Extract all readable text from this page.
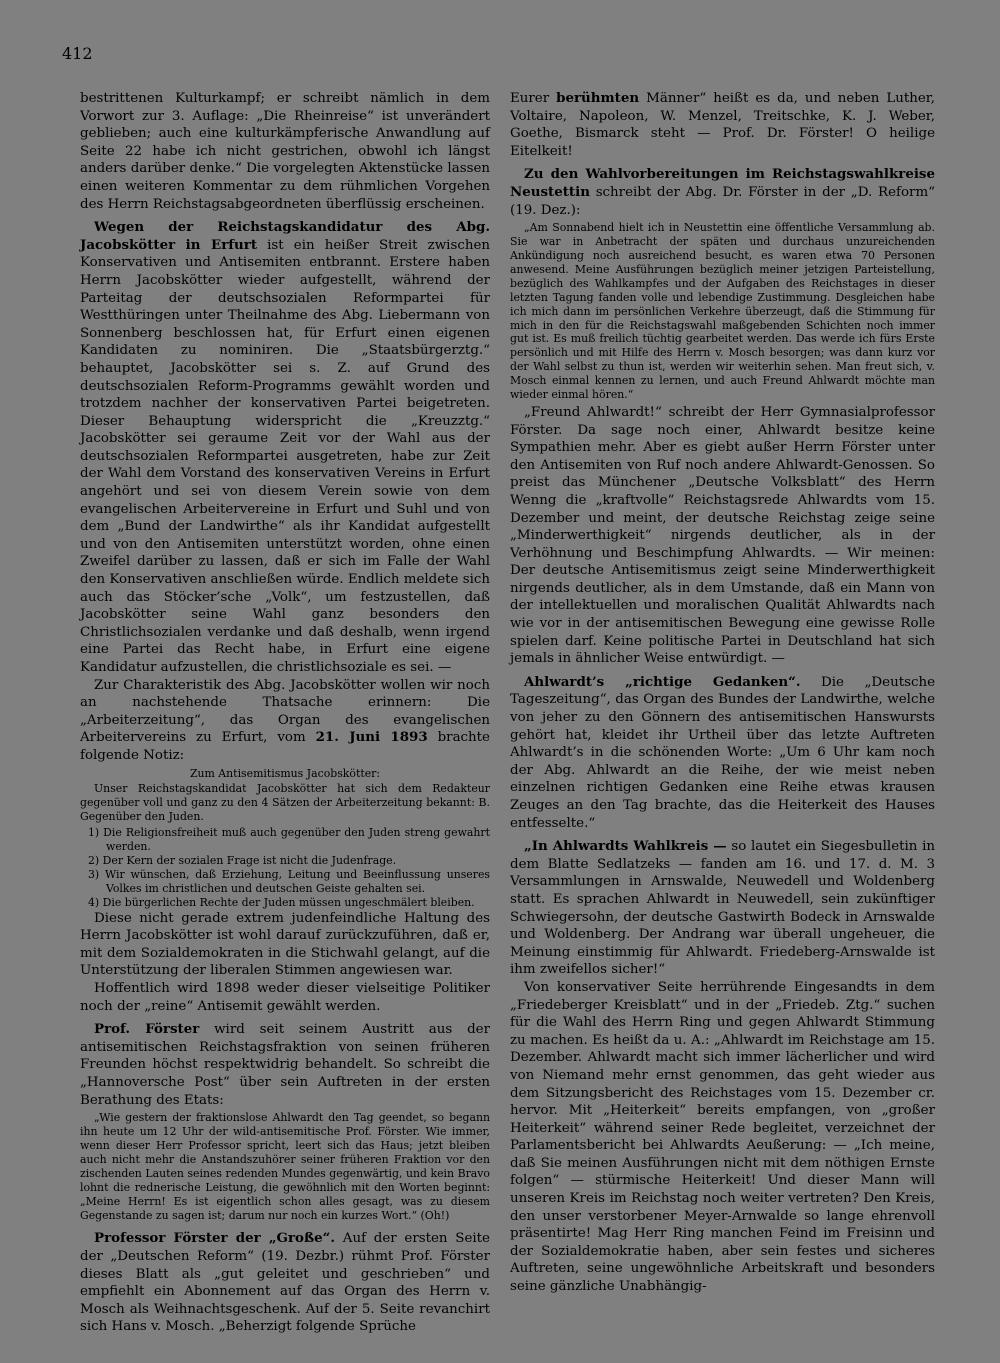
412

bestrittenen Kulturkampf; er schreibt nämlich in dem Vorwort zur 3. Auflage: „Die Rheinreise“ ist unverändert geblieben; auch eine kulturkämpferische Anwandlung auf Seite 22 habe ich nicht gestrichen, obwohl ich längst anders darüber denke.“ Die vorgelegten Aktenstücke lassen einen weiteren Kommentar zu dem rühmlichen Vorgehen des Herrn Reichstagsabgeordneten überflüssig erscheinen.

Wegen der Reichstagskandidatur des Abg. Jacobskötter in Erfurt ist ein heißer Streit zwischen Konservativen und Antisemiten entbrannt. Erstere haben Herrn Jacobskötter wieder aufgestellt, während der Parteitag der deutschsozialen Reformpartei für Westthüringen unter Theilnahme des Abg. Liebermann von Sonnenberg beschlossen hat, für Erfurt einen eigenen Kandidaten zu nominiren. Die „Staatsbürgerztg.“ behauptet, Jacobskötter sei s. Z. auf Grund des deutschsozialen Reform-Programms gewählt worden und trotzdem nachher der konservativen Partei beigetreten. Dieser Behauptung widerspricht die „Kreuzztg.“ Jacobskötter sei geraume Zeit vor der Wahl aus der deutschsozialen Reformpartei ausgetreten, habe zur Zeit der Wahl dem Vorstand des konservativen Vereins in Erfurt angehört und sei von diesem Verein sowie von dem evangelischen Arbeitervereine in Erfurt und Suhl und von dem „Bund der Landwirthe“ als ihr Kandidat aufgestellt und von den Antisemiten unterstützt worden, ohne einen Zweifel darüber zu lassen, daß er sich im Falle der Wahl den Konservativen anschließen würde. Endlich meldete sich auch das Stöcker’sche „Volk“, um festzustellen, daß Jacobskötter seine Wahl ganz besonders den Christlichsozialen verdanke und daß deshalb, wenn irgend eine Partei das Recht habe, in Erfurt eine eigene Kandidatur aufzustellen, die christlichsoziale es sei. —

Zur Charakteristik des Abg. Jacobskötter wollen wir noch an nachstehende Thatsache erinnern: Die „Arbeiterzeitung“, das Organ des evangelischen Arbeitervereins zu Erfurt, vom 21. Juni 1893 brachte folgende Notiz:

Zum Antisemitismus Jacobskötter:

Unser Reichstagskandidat Jacobskötter hat sich dem Redakteur gegenüber voll und ganz zu den 4 Sätzen der Arbeiterzeitung bekannt: B. Gegenüber den Juden.

1) Die Religionsfreiheit muß auch gegenüber den Juden streng gewahrt werden.
2) Der Kern der sozialen Frage ist nicht die Judenfrage.
3) Wir wünschen, daß Erziehung, Leitung und Beeinflussung unseres Volkes im christlichen und deutschen Geiste gehalten sei.
4) Die bürgerlichen Rechte der Juden müssen ungeschmälert bleiben.

Diese nicht gerade extrem judenfeindliche Haltung des Herrn Jacobskötter ist wohl darauf zurückzuführen, daß er, mit dem Sozialdemokraten in die Stichwahl gelangt, auf die Unterstützung der liberalen Stimmen angewiesen war.

Hoffentlich wird 1898 weder dieser vielseitige Politiker noch der „reine“ Antisemit gewählt werden.

Prof. Förster wird seit seinem Austritt aus der antisemitischen Reichstagsfraktion von seinen früheren Freunden höchst respektwidrig behandelt. So schreibt die „Hannoversche Post“ über sein Auftreten in der ersten Berathung des Etats:

„Wie gestern der fraktionslose Ahlwardt den Tag geendet, so begann ihn heute um 12 Uhr der wild-antisemitische Prof. Förster. Wie immer, wenn dieser Herr Professor spricht, leert sich das Haus; jetzt bleiben auch nicht mehr die Anstandszuhörer seiner früheren Fraktion vor den zischenden Lauten seines redenden Mundes gegenwärtig, und kein Bravo lohnt die rednerische Leistung, die gewöhnlich mit den Worten beginnt: „Meine Herrn! Es ist eigentlich schon alles gesagt, was zu diesem Gegenstande zu sagen ist; darum nur noch ein kurzes Wort.“ (Oh!)

Professor Förster der „Große“. Auf der ersten Seite der „Deutschen Reform“ (19. Dezbr.) rühmt Prof. Förster dieses Blatt als „gut geleitet und geschrieben“ und empfiehlt ein Abonnement auf das Organ des Herrn v. Mosch als Weihnachtsgeschenk. Auf der 5. Seite revanchirt sich Hans v. Mosch. „Beherzigt folgende Sprüche

Eurer berühmten Männer“ heißt es da, und neben Luther, Voltaire, Napoleon, W. Menzel, Treitschke, K. J. Weber, Goethe, Bismarck steht — Prof. Dr. Förster! O heilige Eitelkeit!

Zu den Wahlvorbereitungen im Reichstagswahlkreise Neustettin schreibt der Abg. Dr. Förster in der „D. Reform“ (19. Dez.):

„Am Sonnabend hielt ich in Neustettin eine öffentliche Versammlung ab. Sie war in Anbetracht der späten und durchaus unzureichenden Ankündigung noch ausreichend besucht, es waren etwa 70 Personen anwesend. Meine Ausführungen bezüglich meiner jetzigen Parteistellung, bezüglich des Wahlkampfes und der Aufgaben des Reichstages in dieser letzten Tagung fanden volle und lebendige Zustimmung. Desgleichen habe ich mich dann im persönlichen Verkehre überzeugt, daß die Stimmung für mich in den für die Reichstagswahl maßgebenden Schichten noch immer gut ist. Es muß freilich tüchtig gearbeitet werden. Das werde ich fürs Erste persönlich und mit Hilfe des Herrn v. Mosch besorgen; was dann kurz vor der Wahl selbst zu thun ist, werden wir weiterhin sehen. Man freut sich, v. Mosch einmal kennen zu lernen, und auch Freund Ahlwardt möchte man wieder einmal hören.“

„Freund Ahlwardt!“ schreibt der Herr Gymnasialprofessor Förster. Da sage noch einer, Ahlwardt besitze keine Sympathien mehr. Aber es giebt außer Herrn Förster unter den Antisemiten von Ruf noch andere Ahlwardt-Genossen. So preist das Münchener „Deutsche Volksblatt“ des Herrn Wenng die „kraftvolle“ Reichstagsrede Ahlwardts vom 15. Dezember und meint, der deutsche Reichstag zeige seine „Minderwerthigkeit“ nirgends deutlicher, als in der Verhöhnung und Beschimpfung Ahlwardts. — Wir meinen: Der deutsche Antisemitismus zeigt seine Minderwerthigkeit nirgends deutlicher, als in dem Umstande, daß ein Mann von der intellektuellen und moralischen Qualität Ahlwardts nach wie vor in der antisemitischen Bewegung eine gewisse Rolle spielen darf. Keine politische Partei in Deutschland hat sich jemals in ähnlicher Weise entwürdigt. —

Ahlwardt’s „richtige Gedanken“. Die „Deutsche Tageszeitung“, das Organ des Bundes der Landwirthe, welche von jeher zu den Gönnern des antisemitischen Hanswursts gehört hat, kleidet ihr Urtheil über das letzte Auftreten Ahlwardt’s in die schönenden Worte: „Um 6 Uhr kam noch der Abg. Ahlwardt an die Reihe, der wie meist neben einzelnen richtigen Gedanken eine Reihe etwas krausen Zeuges an den Tag brachte, das die Heiterkeit des Hauses entfesselte.“

„In Ahlwardts Wahlkreis — so lautet ein Siegesbulletin in dem Blatte Sedlatzeks — fanden am 16. und 17. d. M. 3 Versammlungen in Arnswalde, Neuwedell und Woldenberg statt. Es sprachen Ahlwardt in Neuwedell, sein zukünftiger Schwiegersohn, der deutsche Gastwirth Bodeck in Arnswalde und Woldenberg. Der Andrang war überall ungeheuer, die Meinung einstimmig für Ahlwardt. Friedeberg-Arnswalde ist ihm zweifellos sicher!“

Von konservativer Seite herrührende Eingesandts in dem „Friedeberger Kreisblatt“ und in der „Friedeb. Ztg.“ suchen für die Wahl des Herrn Ring und gegen Ahlwardt Stimmung zu machen. Es heißt da u. A.: „Ahlwardt im Reichstage am 15. Dezember. Ahlwardt macht sich immer lächerlicher und wird von Niemand mehr ernst genommen, das geht wieder aus dem Sitzungsbericht des Reichstages vom 15. Dezember cr. hervor. Mit „Heiterkeit“ bereits empfangen, von „großer Heiterkeit“ während seiner Rede begleitet, verzeichnet der Parlamentsbericht bei Ahlwardts Aeußerung: — „Ich meine, daß Sie meinen Ausführungen nicht mit dem nöthigen Ernste folgen“ — stürmische Heiterkeit! Und dieser Mann will unseren Kreis im Reichstag noch weiter vertreten? Den Kreis, den unser verstorbener Meyer-Arnwalde so lange ehrenvoll präsentirte! Mag Herr Ring manchen Feind im Freisinn und der Sozialdemokratie haben, aber sein festes und sicheres Auftreten, seine ungewöhnliche Arbeitskraft und besonders seine gänzliche Unabhängig-
